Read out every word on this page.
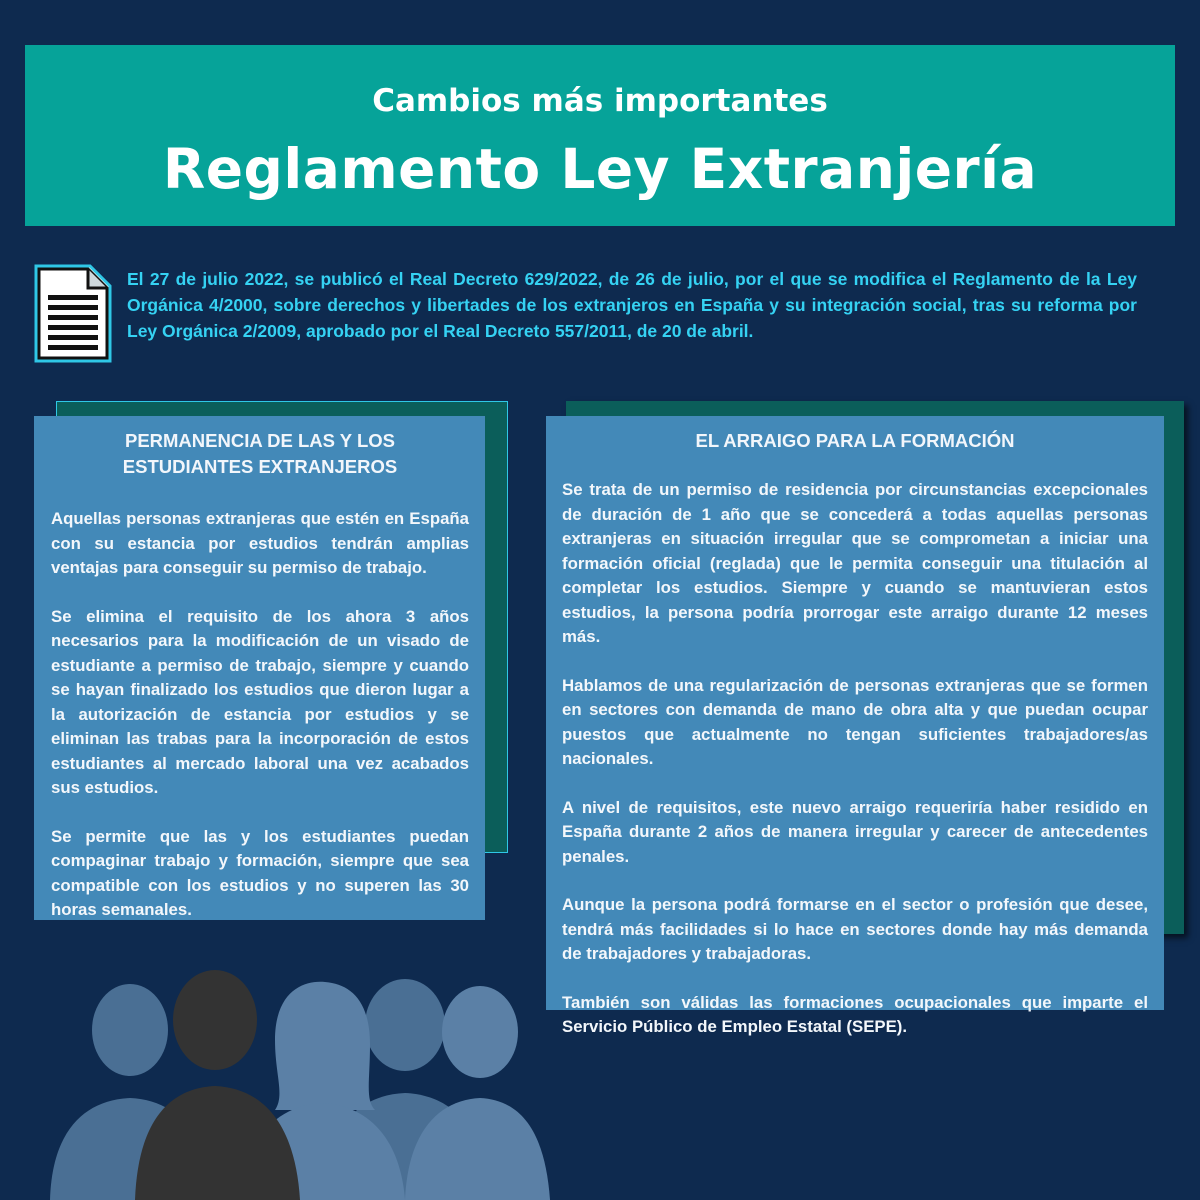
Cambios más importantes
Reglamento Ley Extranjería
El 27 de julio 2022, se publicó el Real Decreto 629/2022, de 26 de julio, por el que se modifica el Reglamento de la Ley Orgánica 4/2000, sobre derechos y libertades de los extranjeros en España y su integración social, tras su reforma por Ley Orgánica 2/2009, aprobado por el Real Decreto 557/2011, de 20 de abril.
PERMANENCIA DE LAS Y LOS ESTUDIANTES EXTRANJEROS

Aquellas personas extranjeras que estén en España con su estancia por estudios tendrán amplias ventajas para conseguir su permiso de trabajo.

Se elimina el requisito de los ahora 3 años necesarios para la modificación de un visado de estudiante a permiso de trabajo, siempre y cuando se hayan finalizado los estudios que dieron lugar a la autorización de estancia por estudios y se eliminan las trabas para la incorporación de estos estudiantes al mercado laboral una vez acabados sus estudios.

Se permite que las y los estudiantes puedan compaginar trabajo y formación, siempre que sea compatible con los estudios y no superen las 30 horas semanales.

EL ARRAIGO PARA LA FORMACIÓN

Se trata de un permiso de residencia por circunstancias excepcionales de duración de 1 año que se concederá a todas aquellas personas extranjeras en situación irregular que se comprometan a iniciar una formación oficial (reglada) que le permita conseguir una titulación al completar los estudios. Siempre y cuando se mantuvieran estos estudios, la persona podría prorrogar este arraigo durante 12 meses más.

Hablamos de una regularización de personas extranjeras que se formen en sectores con demanda de mano de obra alta y que puedan ocupar puestos que actualmente no tengan suficientes trabajadores/as nacionales.

A nivel de requisitos, este nuevo arraigo requeriría haber residido en España durante 2 años de manera irregular y carecer de antecedentes penales.

Aunque la persona podrá formarse en el sector o profesión que desee, tendrá más facilidades si lo hace en sectores donde hay más demanda de trabajadores y trabajadoras.

También son válidas las formaciones ocupacionales que imparte el Servicio Público de Empleo Estatal (SEPE).
